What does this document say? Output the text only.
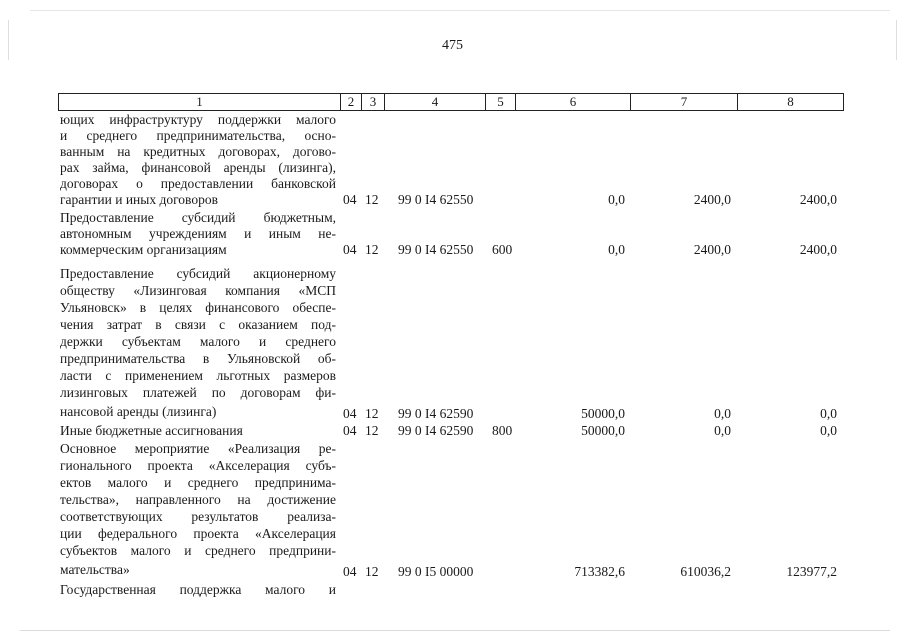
475
1	2	3	4	5	6	7	8
ющих инфраструктуру поддержки малого
и среднего предпринимательства, осно-
ванным на кредитных договорах, догово-
рах займа, финансовой аренды (лизинга),
договорах о предоставлении банковской
гарантии и иных договоров	04 12 99 0 I4 62550	0,0	2400,0	2400,0
Предоставление субсидий бюджетным,
автономным учреждениям и иным не-
коммерческим организациям	04 12 99 0 I4 62550 600	0,0	2400,0	2400,0
Предоставление субсидий акционерному
обществу «Лизинговая компания «МСП
Ульяновск» в целях финансового обеспе-
чения затрат в связи с оказанием под-
держки субъектам малого и среднего
предпринимательства в Ульяновской об-
ласти с применением льготных размеров
лизинговых платежей по договорам фи-
нансовой аренды (лизинга)	04 12 99 0 I4 62590	50000,0	0,0	0,0
Иные бюджетные ассигнования	04 12 99 0 I4 62590 800	50000,0	0,0	0,0
Основное мероприятие «Реализация ре-
гионального проекта «Акселерация субъ-
ектов малого и среднего предпринима-
тельства», направленного на достижение
соответствующих результатов реализа-
ции федерального проекта «Акселерация
субъектов малого и среднего предприни-
мательства»	04 12 99 0 I5 00000	713382,6	610036,2	123977,2
Государственная поддержка малого и
